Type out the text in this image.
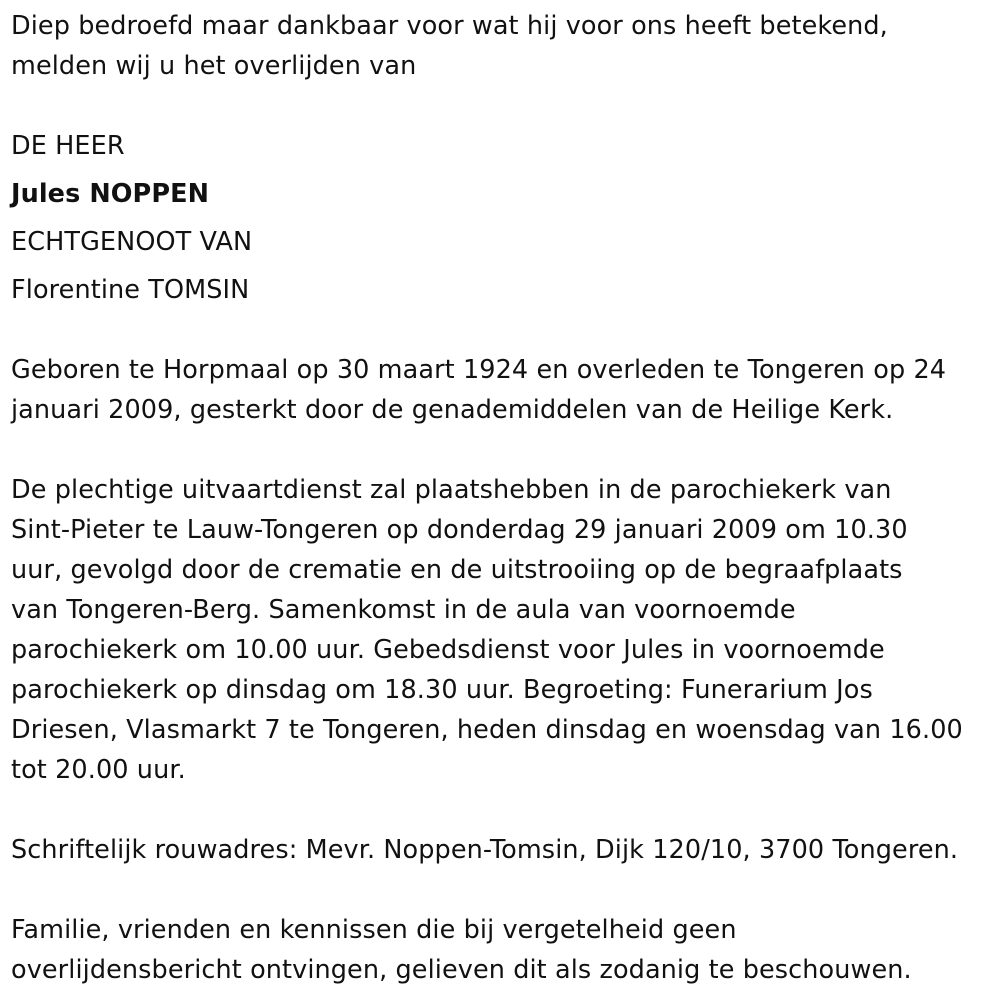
Diep bedroefd maar dankbaar voor wat hij voor ons heeft betekend,
melden wij u het overlijden van
DE HEER
Jules NOPPEN
ECHTGENOOT VAN
Florentine TOMSIN
Geboren te Horpmaal op 30 maart 1924 en overleden te Tongeren op 24
januari 2009, gesterkt door de genademiddelen van de Heilige Kerk.
De plechtige uitvaartdienst zal plaatshebben in de parochiekerk van
Sint-Pieter te Lauw-Tongeren op donderdag 29 januari 2009 om 10.30
uur, gevolgd door de crematie en de uitstrooiing op de begraafplaats
van Tongeren-Berg. Samenkomst in de aula van voornoemde
parochiekerk om 10.00 uur. Gebedsdienst voor Jules in voornoemde
parochiekerk op dinsdag om 18.30 uur. Begroeting: Funerarium Jos
Driesen, Vlasmarkt 7 te Tongeren, heden dinsdag en woensdag van 16.00
tot 20.00 uur.
Schriftelijk rouwadres: Mevr. Noppen-Tomsin, Dijk 120/10, 3700 Tongeren.
Familie, vrienden en kennissen die bij vergetelheid geen
overlijdensbericht ontvingen, gelieven dit als zodanig te beschouwen.
